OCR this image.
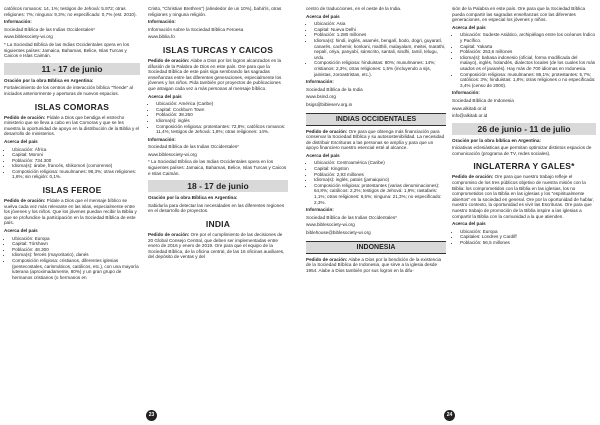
católicos romanos: 14, 1%; testigos de Jehová: 5.972; otras religiones: 7%; ninguna: 9,3%; no especificado: 0,7% (est. 2010).

Información:

Sociedad Bíblica de las Indias Occidentales*

www.biblesociety-wi.org

* La Sociedad Bíblica de las Indias Occidentales opera en los siguientes países: Jamaica, Bahamas, Belice, Islas Turcas y Caicos e Islas Caimán.

11 - 17 de junio

Oración por la obra Bíblica en Argentina:

Fortalecimiento de los centros de interacción bíblica "Tiende" al iniciados anteriormente y aperturas de nuevos espacios.

ISLAS COMORAS

Pedido de oración: Pídale a Dios que bendiga el estrecho ministerio que se lleva a cabo en las Comoras y que se les muestra la oportunidad de apoyo en la distribución de la Biblia y el desarrollo de ministerios.

Acerca del país

• Ubicación: África
• Capital: Moroni
• Población: 734.300
• Idioma(s): árabe, francés, shikomori (comorense)
• Composición religiosa: musulmanes: 98,3%; otras religiones: 1,6%; sin religión: 0,1%.
ISLAS FEROE

Pedido de oración: Pídale a Dios que el mensaje bíblico se vuelva cada vez más relevante en las islas, especialmente entre los jóvenes y los niños. Que los jóvenes puedan recibir la Biblia y que se profundice la participación en la Sociedad Bíblica de este país.

Acerca del país

• Ubicación: Europa
• Capital: Tórshavn
• Población: 48.300
• Idioma(s): feroés (mayoritario), danés
• Composición religiosa: cristianos, diferentes iglesias (pentecostales, carismáticos, católicos, etc.), con una mayoría luterana (aproximadamente, 80%) y un gran grupo de hermanos cristianos (o hermanos en

Cristo, "Christian Brethren") (alrededor de un 10%), bahá'ís, otras religiones y ninguna religión.

Información:

Información sobre la Sociedad Bíblica Feroesa

www.biblia.fo

ISLAS TURCAS Y CAICOS

Pedido de oración: Alabe a Dios por los logros alcanzados en la difusión de la Palabra de Dios en este país. Ore para que la Sociedad Bíblica de este país siga sembrando las sagradas enseñanzas entre las diferentes generaciones, especialmente los jóvenes y los niños. Pida también por proyectos de publicaciones que atraigan cada vez a más personas al mensaje bíblico.

Acerca del país

• Ubicación: América (Caribe)
• Capital: Cockburn Town
• Población: 38.260
• Idioma(s): inglés
• Composición religiosa: protestantes: 72,8%; católicos romanos: 11,4%; testigos de Jehová: 1,8%; otras religiones: 14%.

Información:

Sociedad Bíblica de las Indias Occidentales*

www.biblesociety-wi.org

* La Sociedad Bíblica de las Indias Occidentales opera en los siguientes países: Jamaica, Bahamas, Belice, Islas Turcas y Caicos e Islas Caimán.

18 - 17 de junio

Oración por la obra Bíblica en Argentina:

Sabiduría para detectar las necesidades en las diferentes regiones en el desarrollo de proyectos.

INDIA

Pedido de oración: Ore por el cumplimiento de las decisiones de 20 Global Consejo Central, que deben ser implementadas entre enero de 2016 y enero de 2019. Ore para que el equipo de la Sociedad Bíblica, de la oficina central, de las 16 oficinas auxiliares, del depósito de ventas y del

centro de traducciones, en el oeste de la India.

Acerca del país

• Ubicación: Asia
• Capital: Nueva Delhi
• Población: 1.280 millones
• Idioma(s): hindi, inglés, asamés, bengalí, bodo, dogri, guyaratí, canarés, cachemir, konkani, maithili, malayalam, meitei, marathi, nepalí, oriya, panyabí, sánscrito, santali, sindhi, tamil, telugu, urdu.
• Composición religiosa: hinduistas: 80%; musulmanes: 14%; cristianos: 2,3%; otras religiones: 1,5% (incluyendo a sijs, jainistas, zoroastristas, etc.).

Información:

Sociedad Bíblica de la India

www.bsind.org

bsigs@bibleserv.org.in

INDIAS OCCIDENTALES

Pedido de oración: Ore para que obtenga más financiación para conservar la Sociedad Bíblica y su autosostenibilidad. La necesidad de distribuir Escrituras a las personas se amplía y para que un apoyo financiero nuestro esencial esté al alcance.

Acerca del país

• Ubicación: Centroamérica (Caribe)
• Capital: Kingston
• Población: 2,93 millones
• Idioma(s): inglés, patois (jamaiquino)
• Composición religiosa: protestantes (varias denominaciones): 64,8%; católicos: 2,2%; testigos de Jehová: 1,9%; rastafaris: 1,1%; otras religiones: 6,5%; ninguna: 21,3%; no especificado: 2,3%.

Información:

Sociedad Bíblica de las Indias Occidentales*

www.biblesociety-wi.org

biblehouse@biblesociety-wi.org

INDONESIA

Pedido de oración: Alabe a Dios por la bendición de la existencia de la Sociedad Bíblica de Indonesia, que sirve a la iglesia desde 1954. Alabe a Dios también por sus logros en la difu-

sión de la Palabra en este país. Ore para que la Sociedad Bíblica pueda compartir las sagradas enseñanzas con las diferentes generaciones, en especial los jóvenes y niños.

Acerca del país

• Ubicación: Sudeste Asiático, archipiélago entre los océanos Índico y Pacífico.
• Capital: Yakarta
• Población: 253,6 millones
• Idioma(s): bahasa indonesio (oficial, forma modificada del malayo), inglés, holandés, dialectos locales (de los cuales los más usados es el javanés). Hay más de 700 idiomas en Indonesia.
• Composición religiosa: musulmanes: 86,1%; protestantes: 5,7%; católicos: 3%; hinduistas: 1,8%; otras religiones o no especificada: 3,4% (censo de 2000).

Información:

Sociedad Bíblica de Indonesia

www.alkitab.or.id

info@alkitab.or.id

26 de junio - 11 de julio

Oración por la obra bíblica en Argentina:

Iniciativas eclesiásticas que permitan optimizar distintos espacios de comunicación (programa de TV, redes sociales).

INGLATERRA Y GALES*

Pedido de oración: Ore para que nuestro trabajo refleje el compromiso de los tres públicos objetivo de nuestra misión con la Biblia: los comprometidos con la Biblia en las iglesias, los no comprometidos con la Biblia en las iglesias y los "espiritualmente abiertos" en la sociedad en general. Ore por la oportunidad de hablar, nuestro contexto, la oportunidad es vivir las Escrituras. Ore para que nuestro trabajo de promoción de la Biblia inspire a las iglesias a compartir la Biblia con la comunidad a la que atienden.

Acerca del país

• Ubicación: Europa
• Capitales: Londres y Cardiff
• Población: 56,5 millones
23	24
